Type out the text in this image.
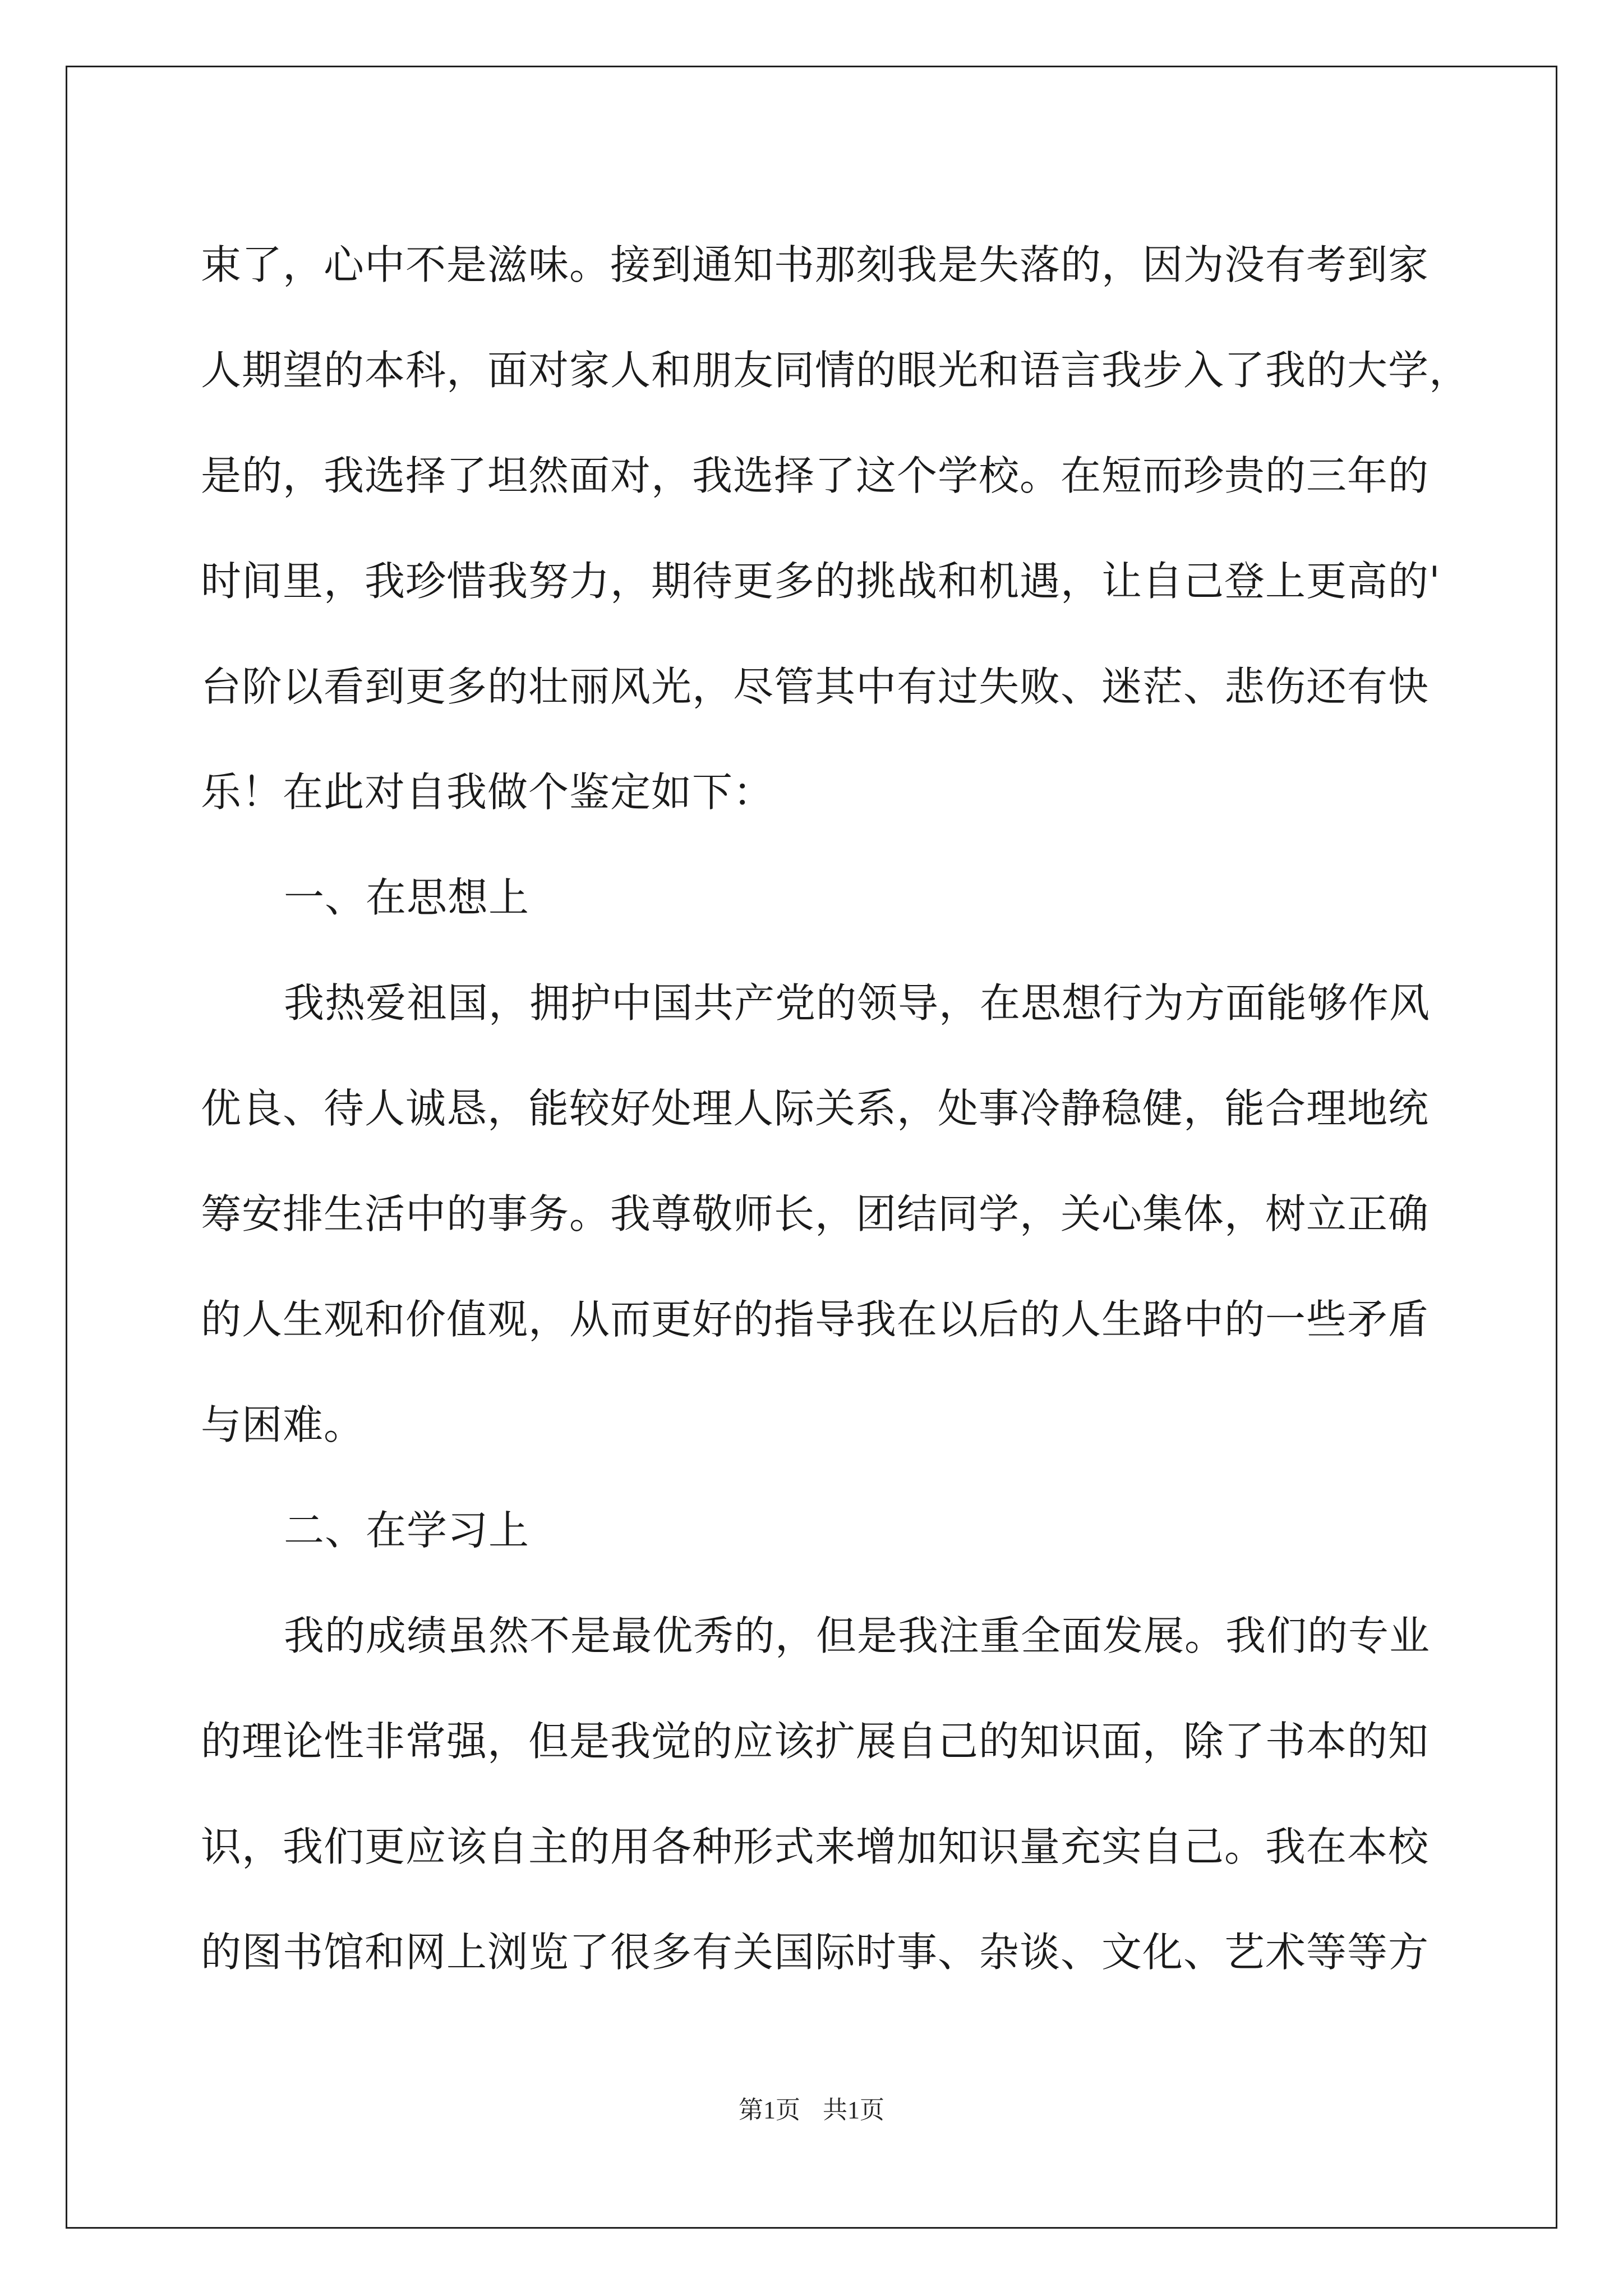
束了，心中不是滋味。接到通知书那刻我是失落的，因为没有考到家
人期望的本科，面对家人和朋友同情的眼光和语言我步入了我的大学，
是的，我选择了坦然面对，我选择了这个学校。在短而珍贵的三年的
时间里，我珍惜我努力，期待更多的挑战和机遇，让自己登上更高的'
台阶以看到更多的壮丽风光，尽管其中有过失败、迷茫、悲伤还有快
乐！在此对自我做个鉴定如下：
一、在思想上
我热爱祖国，拥护中国共产党的领导，在思想行为方面能够作风
优良、待人诚恳，能较好处理人际关系，处事冷静稳健，能合理地统
筹安排生活中的事务。我尊敬师长，团结同学，关心集体，树立正确
的人生观和价值观，从而更好的指导我在以后的人生路中的一些矛盾
与困难。
二、在学习上
我的成绩虽然不是最优秀的，但是我注重全面发展。我们的专业
的理论性非常强，但是我觉的应该扩展自己的知识面，除了书本的知
识，我们更应该自主的用各种形式来增加知识量充实自己。我在本校
的图书馆和网上浏览了很多有关国际时事、杂谈、文化、艺术等等方
第1页 共1页
